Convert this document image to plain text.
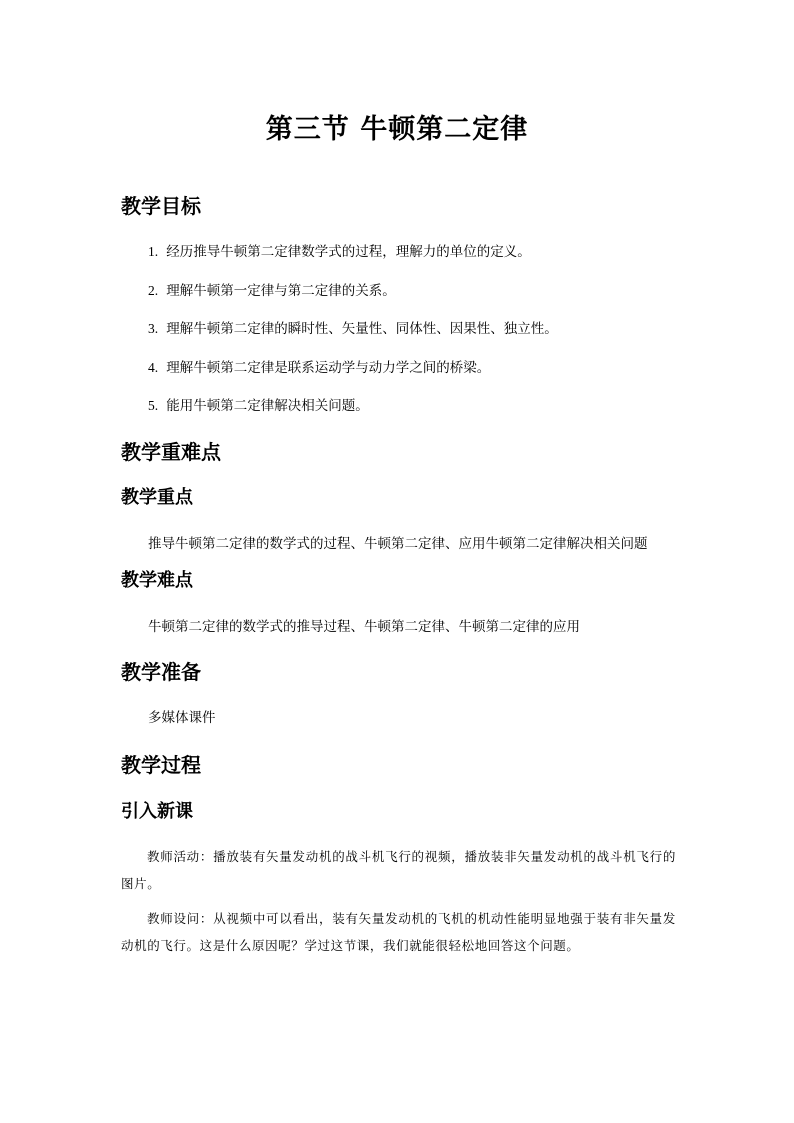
第三节 牛顿第二定律
教学目标
1. 经历推导牛顿第二定律数学式的过程，理解力的单位的定义。
2. 理解牛顿第一定律与第二定律的关系。
3. 理解牛顿第二定律的瞬时性、矢量性、同体性、因果性、独立性。
4. 理解牛顿第二定律是联系运动学与动力学之间的桥梁。
5. 能用牛顿第二定律解决相关问题。
教学重难点
教学重点
推导牛顿第二定律的数学式的过程、牛顿第二定律、应用牛顿第二定律解决相关问题
教学难点
牛顿第二定律的数学式的推导过程、牛顿第二定律、牛顿第二定律的应用
教学准备
多媒体课件
教学过程
引入新课
教师活动：播放装有矢量发动机的战斗机飞行的视频，播放装非矢量发动机的战斗机飞行的图片。
教师设问：从视频中可以看出，装有矢量发动机的飞机的机动性能明显地强于装有非矢量发动机的飞行。这是什么原因呢？学过这节课，我们就能很轻松地回答这个问题。
